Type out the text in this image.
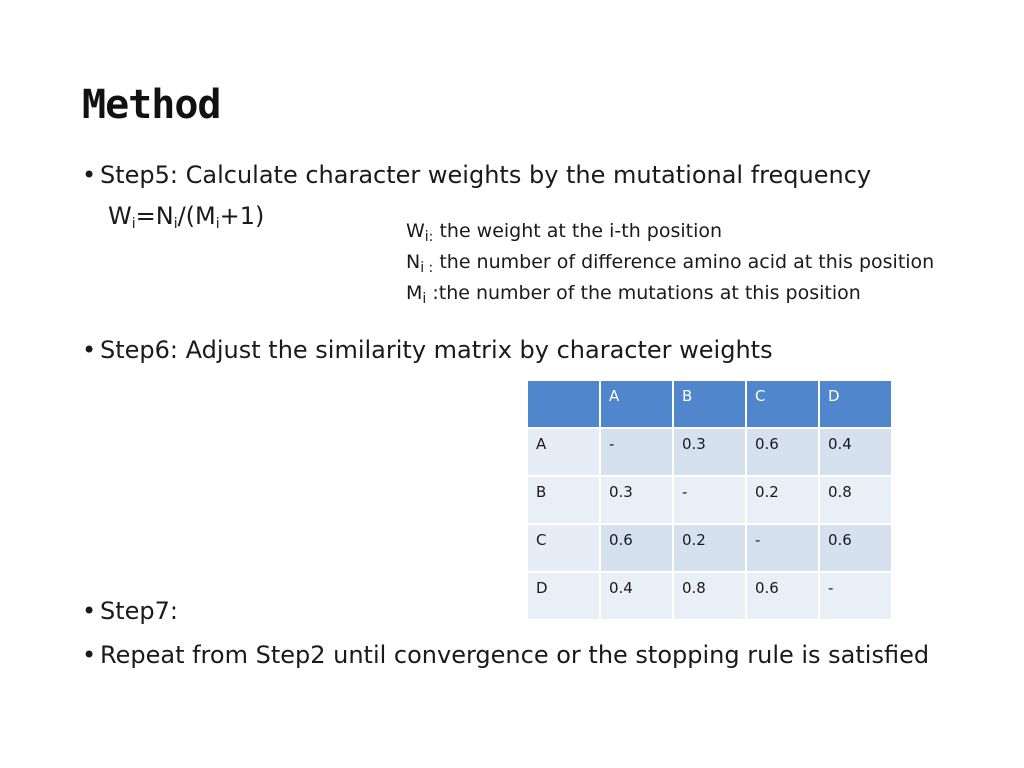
Method
• Step5: Calculate character weights by the mutational frequency
$W_i=N_i/(M_i+1)$
$W_{i:}$ the weight at the i-th position
$N_{i :}$ the number of difference amino acid at this position
$M_i$ :the number of the mutations at this position
• Step6: Adjust the similarity matrix by character weights
	A	B	C	D
A	-	0.3	0.6	0.4
B	0.3	-	0.2	0.8
C	0.6	0.2	-	0.6
D	0.4	0.8	0.6	-
• Step7:
• Repeat from Step2 until convergence or the stopping rule is satisfied
